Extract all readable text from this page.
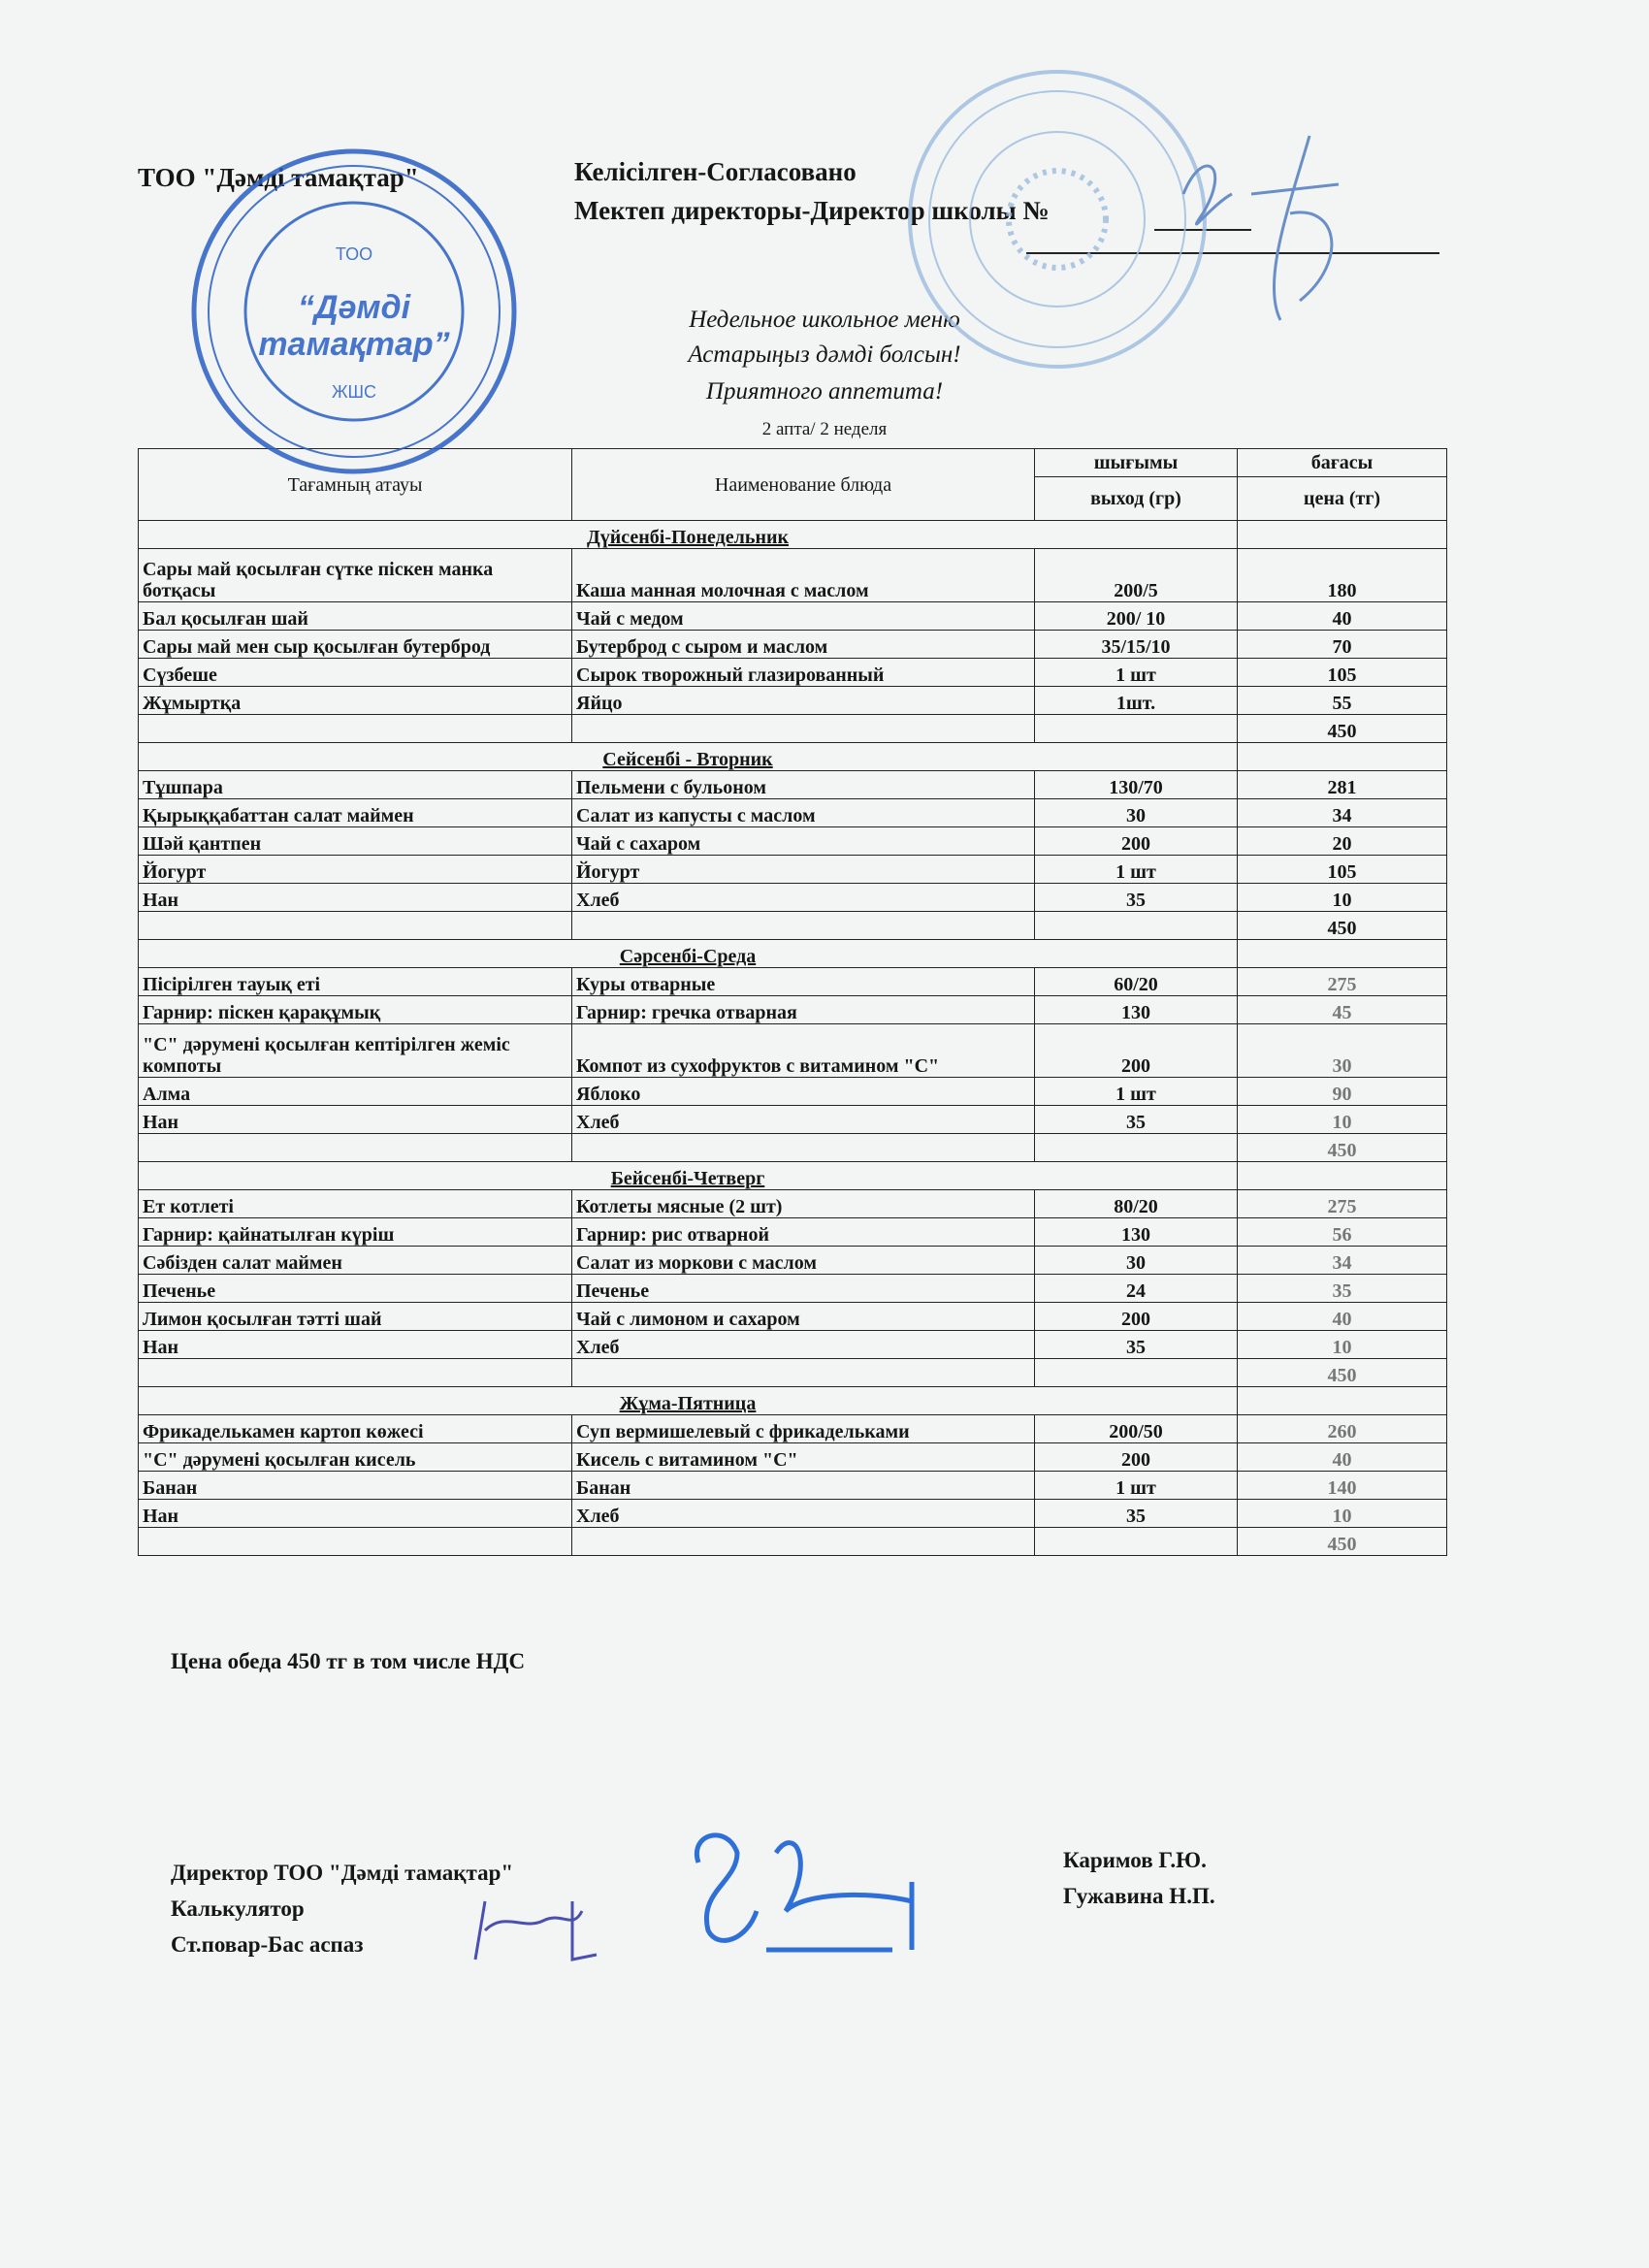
ТОО "Дәмді тамақтар"	Келісілген-Согласовано
Мектеп директоры-Директор школы №
Недельное школьное меню
Астарыңыз дәмді болсын!
Приятного аппетита!
2 апта/ 2 неделя
Тағамның атауы	Наименование блюда	шығымы	бағасы
		выход (гр)	цена (тг)
Дүйсенбі-Понедельник			
Сары май қосылған сүтке піскен манка ботқасы	Каша манная молочная с маслом	200/5	180
Бал қосылған шай	Чай с медом	200/ 10	40
Сары май мен сыр қосылған бутерброд	Бутерброд с сыром и маслом	35/15/10	70
Сүзбеше	Сырок творожный глазированный	1 шт	105
Жұмыртқа	Яйцо	1шт.	55
			450
Сейсенбі - Вторник			
Тұшпара	Пельмени с бульоном	130/70	281
Қырыққабаттан салат маймен	Салат из капусты с маслом	30	34
Шәй қантпен	Чай с сахаром	200	20
Йогурт	Йогурт	1 шт	105
Нан	Хлеб	35	10
			450
Сәрсенбі-Среда			
Пісірілген тауық еті	Куры отварные	60/20	275
Гарнир: піскен қарақұмық	Гарнир: гречка отварная	130	45
"С" дәрумені қосылған кептірілген жеміс компоты	Компот из сухофруктов с витамином "С"	200	30
Алма	Яблоко	1 шт	90
Нан	Хлеб	35	10
			450
Бейсенбі-Четверг			
Ет котлеті	Котлеты мясные (2 шт)	80/20	275
Гарнир: қайнатылған күріш	Гарнир: рис отварной	130	56
Сәбізден салат маймен	Салат из моркови с маслом	30	34
Печенье	Печенье	24	35
Лимон қосылған тәтті шай	Чай с лимоном и сахаром	200	40
Нан	Хлеб	35	10
			450
Жұма-Пятница			
Фрикаделькамен картоп көжесі	Суп вермишелевый с фрикадельками	200/50	260
"С" дәрумені қосылған кисель	Кисель с витамином "С"	200	40
Банан	Банан	1 шт	140
Нан	Хлеб	35	10
			450
Цена обеда 450 тг в том числе НДС
Директор ТОО "Дәмді тамақтар"
Калькулятор
Ст.повар-Бас аспаз
Каримов Г.Ю.
Гужавина Н.П.
ТОО
“Дәмді
тамақтар”
ЖШС
